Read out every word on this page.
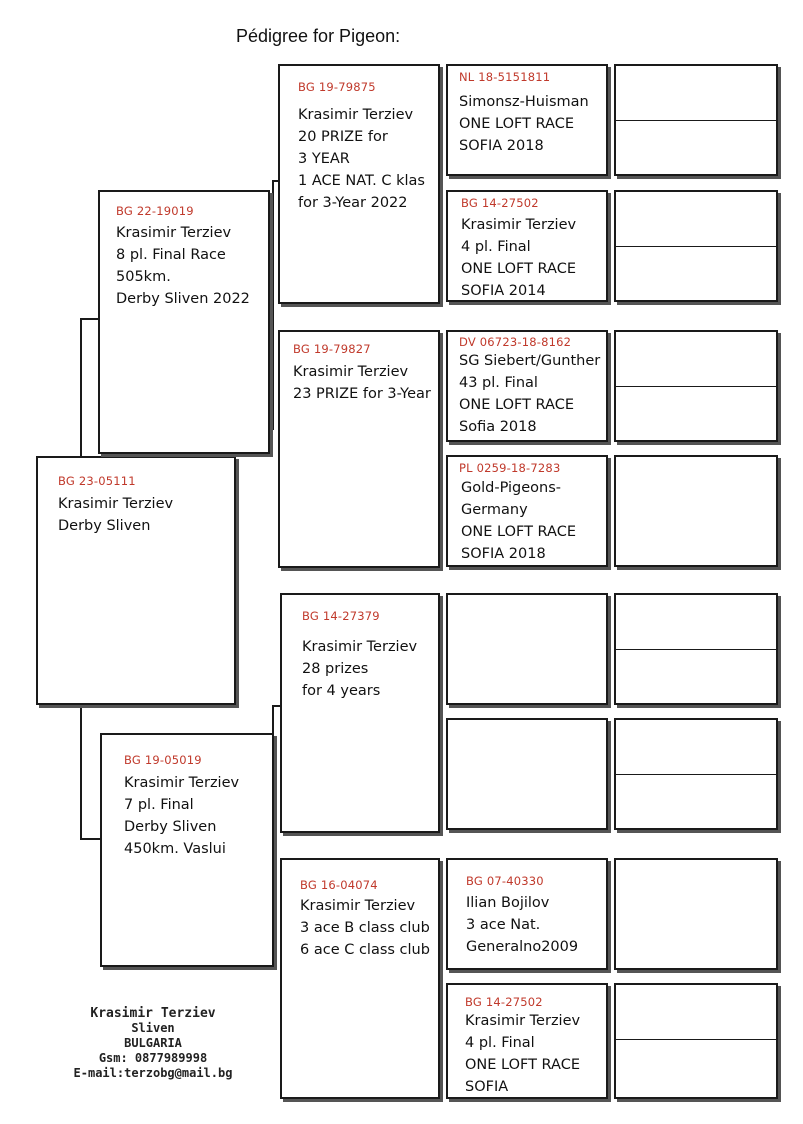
Pédigree for Pigeon:
BG 23-05111
Krasimir Terziev
Derby Sliven
BG 22-19019
Krasimir Terziev
8 pl. Final Race
505km.
Derby Sliven 2022
BG 19-05019
Krasimir Terziev
7 pl. Final
Derby Sliven
450km. Vaslui
BG 19-79875
Krasimir Terziev
20 PRIZE for
3 YEAR
1 ACE NAT. C klas
for 3-Year 2022
BG 19-79827
Krasimir Terziev
23 PRIZE for 3-Year
BG 14-27379
Krasimir Terziev
28 prizes
for 4 years
BG 16-04074
Krasimir Terziev
3 ace B class club
6 ace C class club
NL 18-5151811
Simonsz-Huisman
ONE LOFT RACE
SOFIA 2018
BG 14-27502
Krasimir Terziev
4 pl. Final
ONE LOFT RACE
SOFIA 2014
DV 06723-18-8162
SG Siebert/Gunther
43 pl. Final
ONE LOFT RACE
Sofia 2018
PL 0259-18-7283
Gold-Pigeons-
Germany
ONE LOFT RACE
SOFIA 2018
BG 07-40330
Ilian Bojilov
3 ace Nat.
Generalno2009
BG 14-27502
Krasimir Terziev
4 pl. Final
ONE LOFT RACE
SOFIA
Krasimir Terziev
Sliven
BULGARIA
Gsm: 0877989998
E-mail:terzobg@mail.bg
